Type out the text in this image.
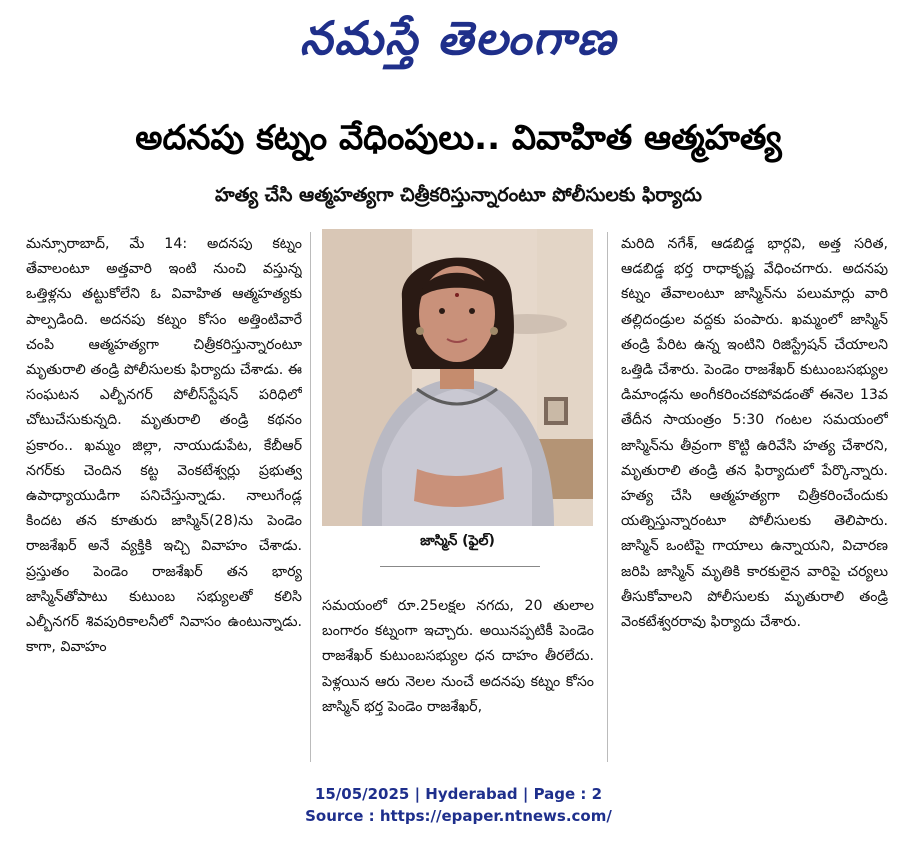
నమస్తే తెలంగాణ
అదనపు కట్నం వేధింపులు.. వివాహిత ఆత్మహత్య
హత్య చేసి ఆత్మహత్యగా చిత్రీకరిస్తున్నారంటూ పోలీసులకు ఫిర్యాదు

మన్సూరాబాద్, మే 14: అదనపు కట్నం తేవాలంటూ అత్తవారి ఇంటి నుంచి వస్తున్న ఒత్తిళ్లను తట్టుకోలేని ఓ వివాహిత ఆత్మహత్యకు పాల్పడింది. అదనపు కట్నం కోసం అత్తింటివారే చంపి ఆత్మహత్యగా చిత్రీకరిస్తున్నారంటూ మృతురాలి తండ్రి పోలీసులకు ఫిర్యాదు చేశాడు. ఈ సంఘటన ఎల్బీనగర్ పోలీస్‌స్టేషన్ పరిధిలో చోటుచేసుకున్నది. మృతురాలి తండ్రి కథనం ప్రకారం.. ఖమ్మం జిల్లా, నాయుడుపేట, కేబీఆర్ నగర్‌కు చెందిన కట్ట వెంకటేశ్వర్లు ప్రభుత్వ ఉపాధ్యాయుడిగా పనిచేస్తున్నాడు. నాలుగేండ్ల కిందట తన కూతురు జాస్మిన్(28)ను పెండెం రాజశేఖర్ అనే వ్యక్తికి ఇచ్చి వివాహం చేశాడు. ప్రస్తుతం పెండెం రాజశేఖర్ తన భార్య జాస్మిన్‌తోపాటు కుటుంబ సభ్యులతో కలిసి ఎల్బీనగర్ శివపురికాలనీలో నివాసం ఉంటున్నాడు. కాగా, వివాహం

జాస్మిన్ (ఫైల్)

సమయంలో రూ.25లక్షల నగదు, 20 తులాల బంగారం కట్నంగా ఇచ్చారు. అయినప్పటికీ పెండెం రాజశేఖర్ కుటుంబసభ్యుల ధన దాహం తీరలేదు. పెళ్లయిన ఆరు నెలల నుంచే అదనపు కట్నం కోసం జాస్మిన్ భర్త పెండెం రాజశేఖర్,

మరిది నగేశ్, ఆడబిడ్డ భార్గవి, అత్త సరిత, ఆడబిడ్డ భర్త రాధాకృష్ణ వేధించగారు. అదనపు కట్నం తేవాలంటూ జాస్మిన్‌ను పలుమార్లు వారి తల్లిదండ్రుల వద్దకు పంపారు. ఖమ్మంలో జాస్మిన్ తండ్రి పేరిట ఉన్న ఇంటిని రిజిస్ట్రేషన్ చేయాలని ఒత్తిడి చేశారు. పెండెం రాజశేఖర్ కుటుంబసభ్యుల డిమాండ్లను అంగీకరించకపోవడంతో ఈనెల 13వ తేదీన సాయంత్రం 5:30 గంటల సమయంలో జాస్మిన్‌ను తీవ్రంగా కొట్టి ఉరివేసి హత్య చేశారని, మృతురాలి తండ్రి తన ఫిర్యాదులో పేర్కొన్నారు. హత్య చేసి ఆత్మహత్యగా చిత్రీకరించేందుకు యత్నిస్తున్నారంటూ పోలీసులకు తెలిపారు. జాస్మిన్ ఒంటిపై గాయాలు ఉన్నాయని, విచారణ జరిపి జాస్మిన్ మృతికి కారకులైన వారిపై చర్యలు తీసుకోవాలని పోలీసులకు మృతురాలి తండ్రి వెంకటేశ్వరరావు ఫిర్యాదు చేశారు.

15/05/2025 | Hyderabad | Page : 2
Source : https://epaper.ntnews.com/
